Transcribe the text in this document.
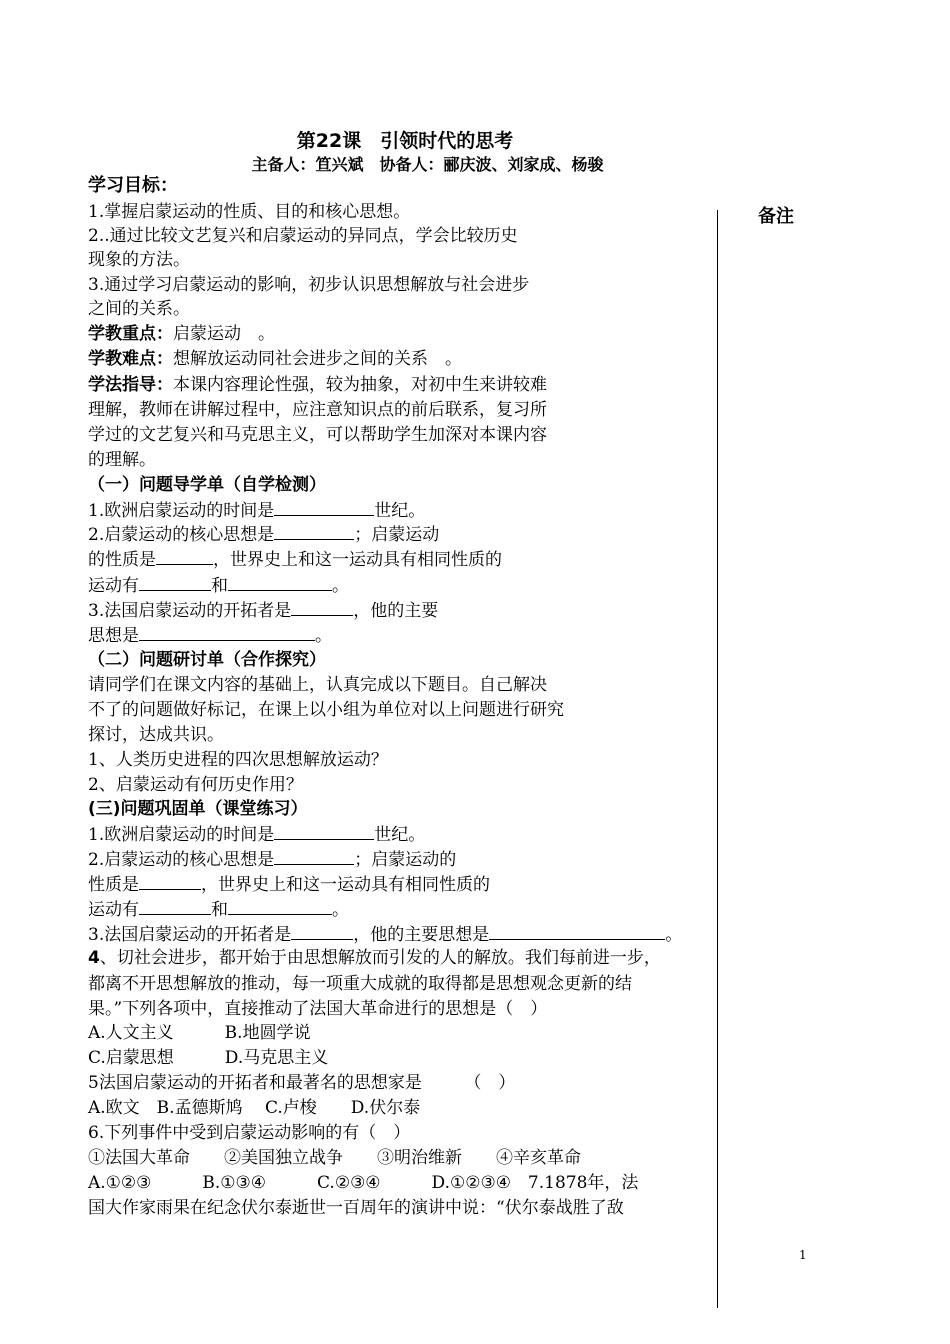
第22课　引领时代的思考
主备人：笪兴斌　协备人：郦庆波、刘家成、杨骏
备注
1
学习目标：
1.掌握启蒙运动的性质、目的和核心思想。
2..通过比较文艺复兴和启蒙运动的异同点，学会比较历史
现象的方法。
3.通过学习启蒙运动的影响，初步认识思想解放与社会进步
之间的关系。
学教重点：启蒙运动　。
学教难点：想解放运动同社会进步之间的关系　。
学法指导：本课内容理论性强，较为抽象，对初中生来讲较难
理解，教师在讲解过程中，应注意知识点的前后联系，复习所
学过的文艺复兴和马克思主义，可以帮助学生加深对本课内容
的理解。
（一）问题导学单（自学检测）
1.欧洲启蒙运动的时间是	世纪。
2.启蒙运动的核心思想是	；启蒙运动
的性质是	，世界史上和这一运动具有相同性质的
运动有	和	。
3.法国启蒙运动的开拓者是	，他的主要
思想是	。
（二）问题研讨单（合作探究）
请同学们在课文内容的基础上，认真完成以下题目。自己解决
不了的问题做好标记，在课上以小组为单位对以上问题进行研究
探讨，达成共识。
1、人类历史进程的四次思想解放运动？
2、启蒙运动有何历史作用？
(三)问题巩固单（课堂练习）
1.欧洲启蒙运动的时间是	世纪。
2.启蒙运动的核心思想是	；启蒙运动的
性质是	，世界史上和这一运动具有相同性质的
运动有	和	。
3.法国启蒙运动的开拓者是	，他的主要思想是	。
4、切社会进步，都开始于由思想解放而引发的人的解放。我们每前进一步，
都离不开思想解放的推动，每一项重大成就的取得都是思想观念更新的结
果。”下列各项中，直接推动了法国大革命进行的思想是（　）
A.人文主义　　　B.地圆学说
C.启蒙思想　　　D.马克思主义
5法国启蒙运动的开拓者和最著名的思想家是　　　（　）
A.欧文　B.孟德斯鸠　 C.卢梭　　D.伏尔泰
6.下列事件中受到启蒙运动影响的有（　）
①法国大革命　　②美国独立战争　　③明治维新　　④辛亥革命
A.①②③　　　B.①③④　　　C.②③④　　　D.①②③④　7.1878年，法
国大作家雨果在纪念伏尔泰逝世一百周年的演讲中说：“伏尔泰战胜了敌
